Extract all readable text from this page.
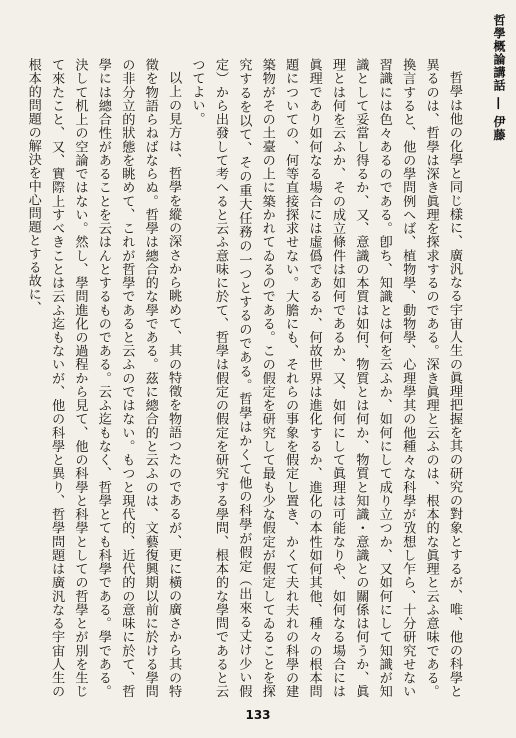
哲學概論講話 ― 伊藤

哲學は他の化學と同じ樣に、廣汎なる宇宙人生の眞理把握を其の研究の對象とするが、唯、他の科學と異るのは、哲學は深き眞理を探求するのである。深き眞理と云ふのは、根本的な眞理と云ふ意味である。換言すると、他の學問例へば、植物學、動物學、心理學其の他種々な科學が攷想し乍ら、十分研究せない習識には色々あるのである。卽ち、知識とは何を云ふか、如何にして成り立つか、又如何にして知識が知識として妥當し得るか、又、意識の本質は如何、物質とは何か、物質と知識・意識との關係は何うか、眞理とは何を云ふか、その成立條件は如何であるか、又、如何にして眞理は可能なりや、如何なる場合には眞理であり如何なる場合には虛僞であるか、何故世界は進化するか、進化の本性如何其他、種々の根本問題についての、何等直接探求せない。大膽にも、それらの事象を假定し置き、かくて夫れ夫れの科學の建築物がその土臺の上に築かれてゐるのである。この假定を研究して最も少な假定が假定してゐることを探究するを以て、その重大任務の一つとするのである。哲學はかくて他の科學が假定（出來る丈け少い假定）から出發して考へると云ふ意味に於て、哲學は假定の假定を研究する學問、根本的な學問であると云つてよい。

以上の見方は、哲學を縱の深さから眺めて、其の特徵を物語つたのであるが、更に橫の廣さから其の特徵を物語らねばならぬ。哲學は總合的な學である。茲に總合的と云ふのは、文藝復興期以前に於ける學問の非分立的狀態を眺めて、これが哲學であると云ふのではない。もつと現代的、近代的の意味に於て、哲學には總合性があることを云はんとするものである。云ふ迄もなく、哲學とても科學である。學である。決して机上の空論ではない。然し、學問進化の過程から見て、他の科學と科學としての哲學とが別を生じて來たこと、又、實際上すべきことは云ふ迄もないが、他の科學と異り、哲學問題は廣汎なる宇宙人生の根本的問題の解決を中心問題とする故に、

133
